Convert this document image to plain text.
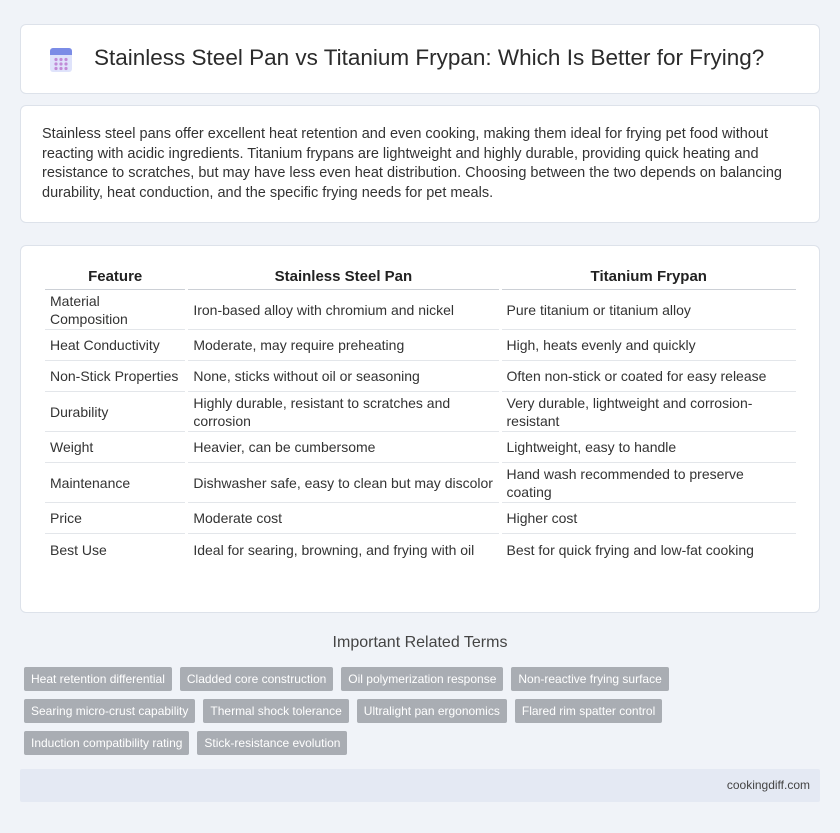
Stainless Steel Pan vs Titanium Frypan: Which Is Better for Frying?

Stainless steel pans offer excellent heat retention and even cooking, making them ideal for frying pet food without reacting with acidic ingredients. Titanium frypans are lightweight and highly durable, providing quick heating and resistance to scratches, but may have less even heat distribution. Choosing between the two depends on balancing durability, heat conduction, and the specific frying needs for pet meals.

Feature	Stainless Steel Pan	Titanium Frypan
Material Composition	Iron-based alloy with chromium and nickel	Pure titanium or titanium alloy
Heat Conductivity	Moderate, may require preheating	High, heats evenly and quickly
Non-Stick Properties	None, sticks without oil or seasoning	Often non-stick or coated for easy release
Durability	Highly durable, resistant to scratches and corrosion	Very durable, lightweight and corrosion-resistant
Weight	Heavier, can be cumbersome	Lightweight, easy to handle
Maintenance	Dishwasher safe, easy to clean but may discolor	Hand wash recommended to preserve coating
Price	Moderate cost	Higher cost
Best Use	Ideal for searing, browning, and frying with oil	Best for quick frying and low-fat cooking
Important Related Terms
Heat retention differential	Cladded core construction	Oil polymerization response	Non-reactive frying surface
Searing micro-crust capability	Thermal shock tolerance	Ultralight pan ergonomics	Flared rim spatter control
Induction compatibility rating	Stick-resistance evolution
cookingdiff.com
